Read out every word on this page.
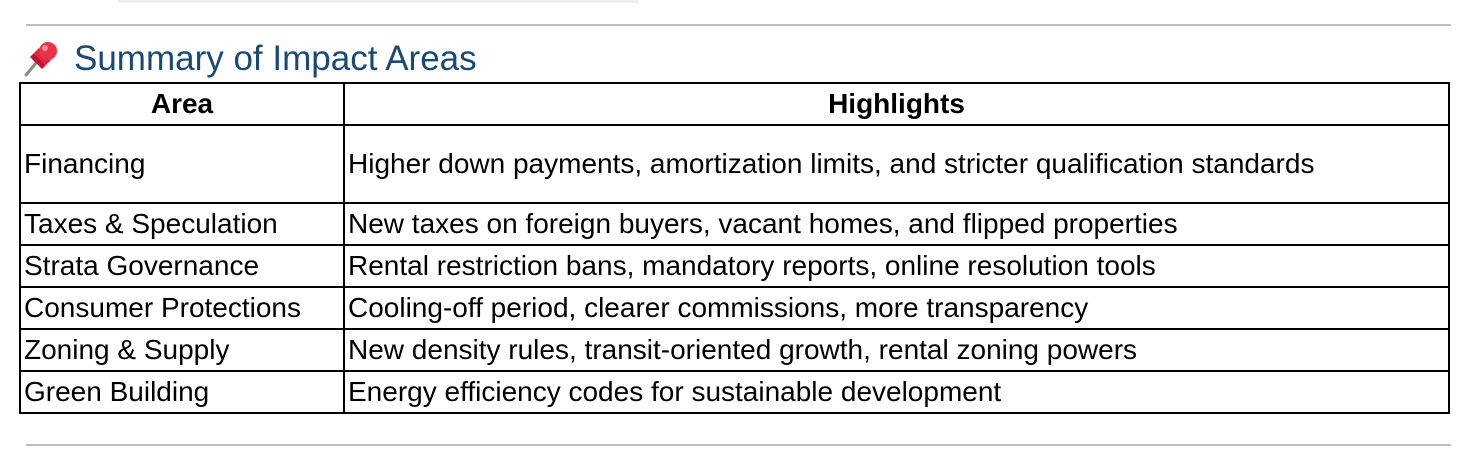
Summary of Impact Areas
Area	Highlights
Financing	Higher down payments, amortization limits, and stricter qualification standards
Taxes & Speculation	New taxes on foreign buyers, vacant homes, and flipped properties
Strata Governance	Rental restriction bans, mandatory reports, online resolution tools
Consumer Protections	Cooling-off period, clearer commissions, more transparency
Zoning & Supply	New density rules, transit-oriented growth, rental zoning powers
Green Building	Energy efficiency codes for sustainable development
